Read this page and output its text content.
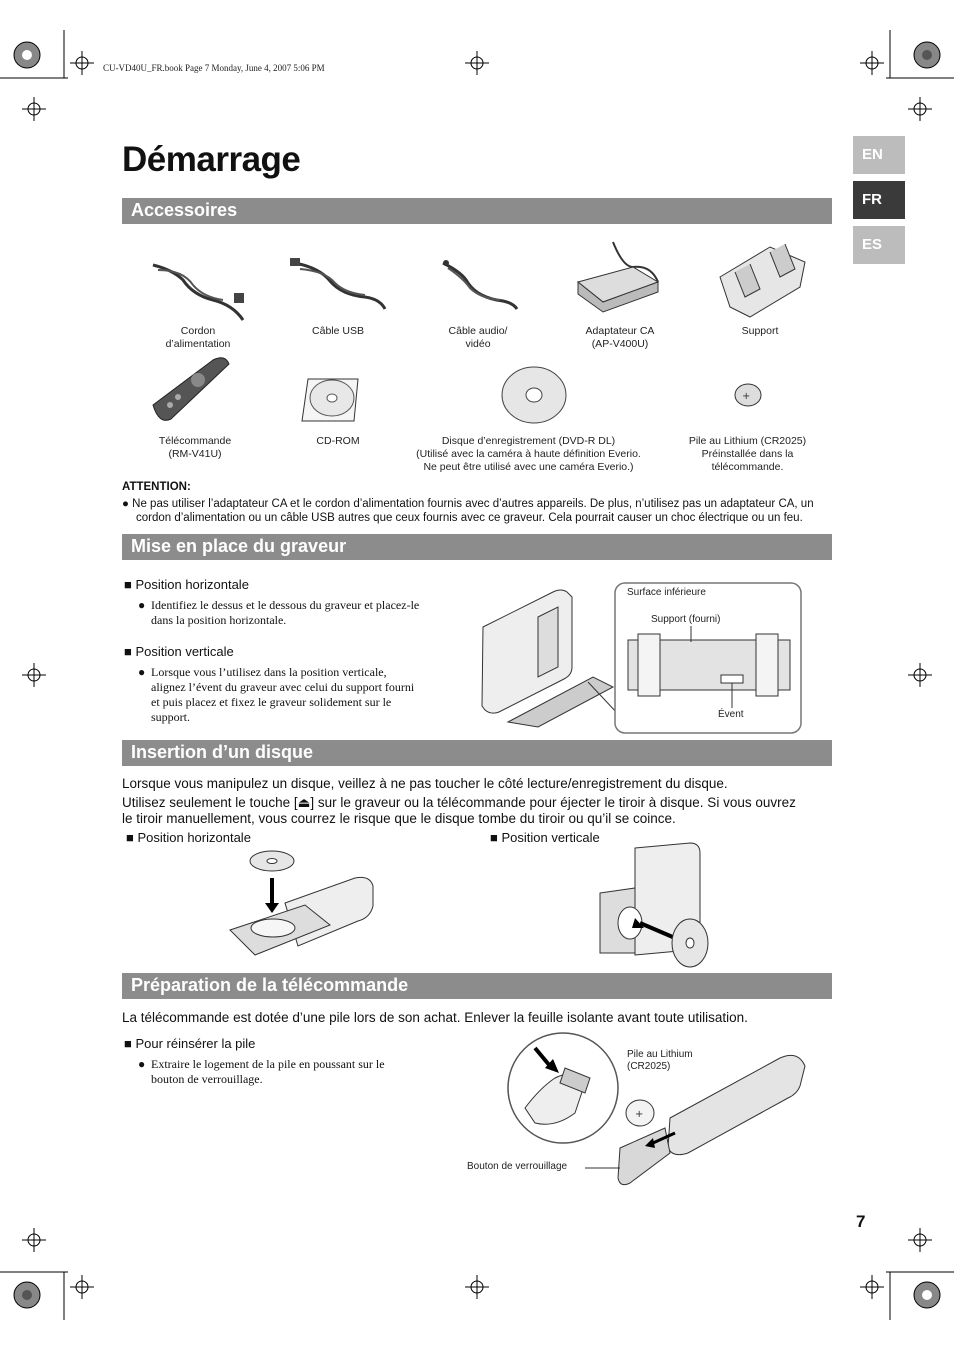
CU-VD40U_FR.book Page 7 Monday, June 4, 2007 5:06 PM
Démarrage	EN
FR
ES
Accessoires
Cordon
d’alimentation
Câble USB	Câble audio/
vidéo
Adaptateur CA
(AP-V400U)
Support
+
Télécommande
(RM-V41U)
CD-ROM	Disque d’enregistrement (DVD-R DL)
(Utilisé avec la caméra à haute définition Everio.
Ne peut être utilisé avec une caméra Everio.)
Pile au Lithium (CR2025)
Préinstallée dans la
télécommande.
ATTENTION:
● Ne pas utiliser l’adaptateur CA et le cordon d’alimentation fournis avec d’autres appareils. De plus, n’utilisez pas un adaptateur CA, un
cordon d’alimentation ou un câble USB autres que ceux fournis avec ce graveur. Cela pourrait causer un choc électrique ou un feu.
Mise en place du graveur
■ Position horizontale
● Identifiez le dessus et le dessous du graveur et placez-le
dans la position horizontale.
■ Position verticale
● Lorsque vous l’utilisez dans la position verticale,
alignez l’évent du graveur avec celui du support fourni
et puis placez et fixez le graveur solidement sur le
support.
Surface inférieure
Support (fourni)
Évent
Insertion d’un disque
Lorsque vous manipulez un disque, veillez à ne pas toucher le côté lecture/enregistrement du disque.
Utilisez seulement le touche [⏏] sur le graveur ou la télécommande pour éjecter le tiroir à disque. Si vous ouvrez
le tiroir manuellement, vous courrez le risque que le disque tombe du tiroir ou qu’il se coince.
■ Position horizontale	■ Position verticale
Préparation de la télécommande
La télécommande est dotée d’une pile lors de son achat. Enlever la feuille isolante avant toute utilisation.
■ Pour réinsérer la pile
● Extraire le logement de la pile en poussant sur le
bouton de verrouillage.
+
Pile au Lithium
(CR2025)
Bouton de verrouillage
7
